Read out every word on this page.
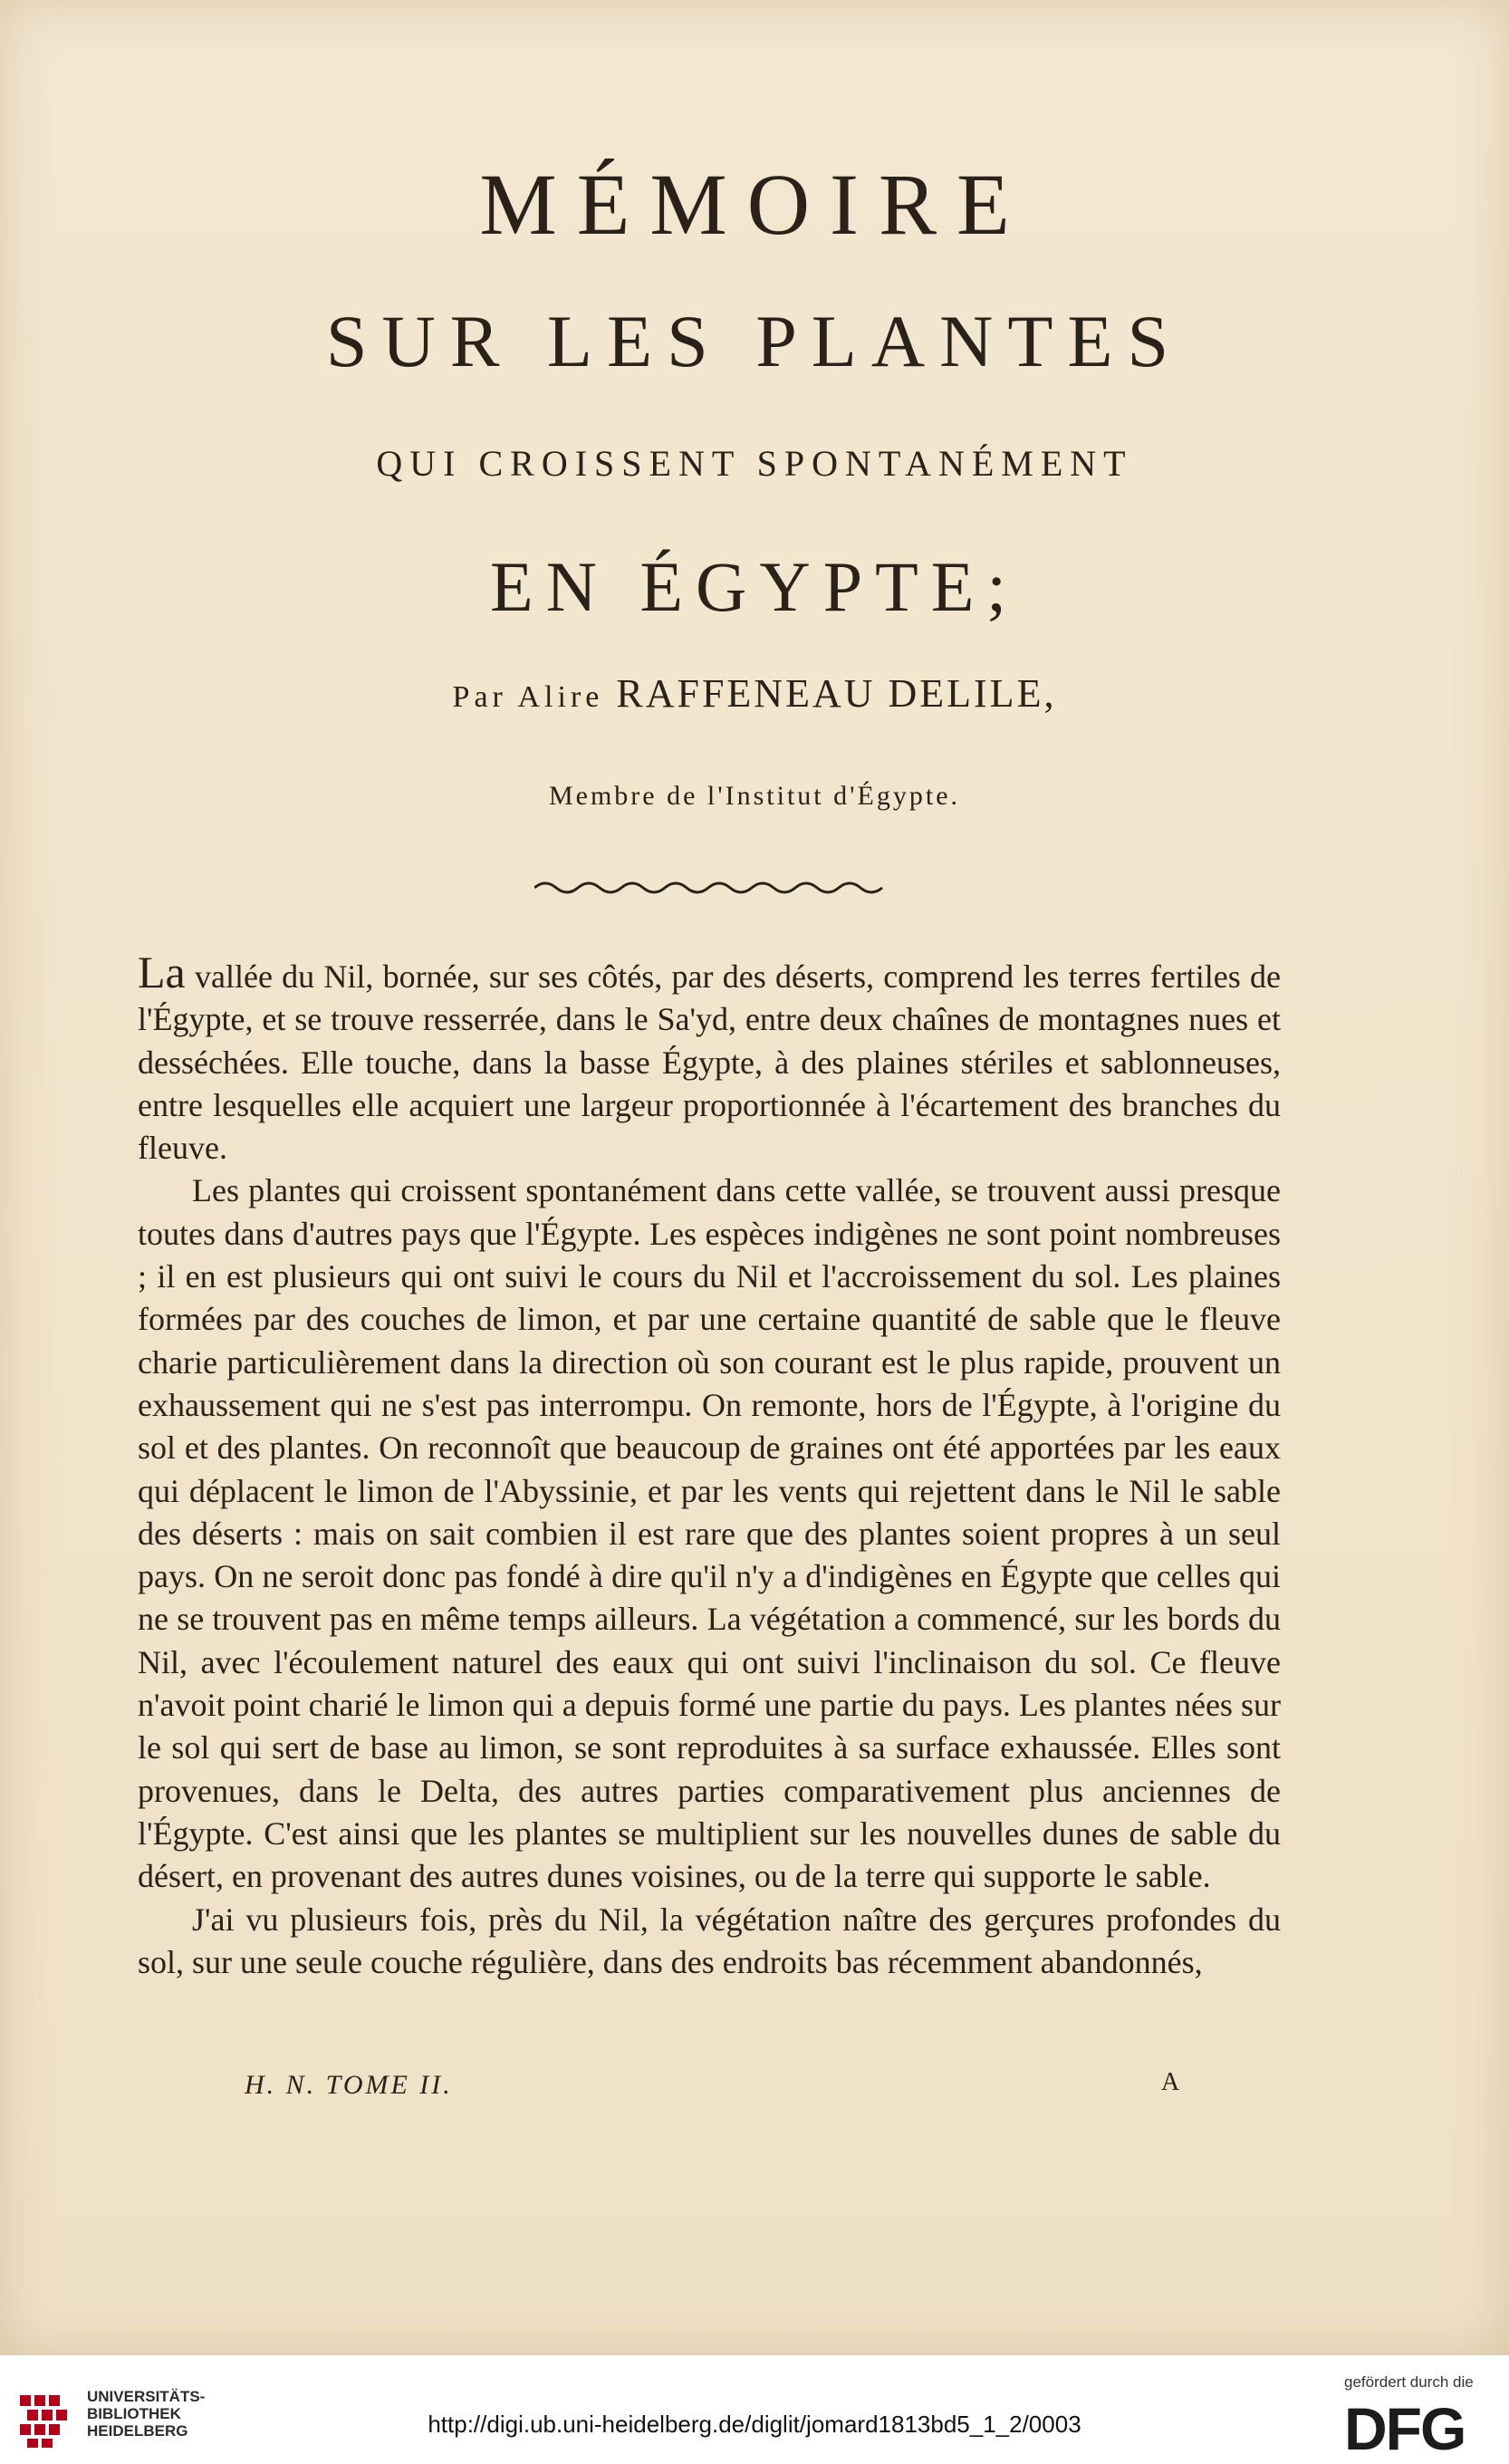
MÉMOIRE
SUR LES PLANTES
QUI CROISSENT SPONTANÉMENT
EN ÉGYPTE;
Par Alire RAFFENEAU DELILE,
Membre de l'Institut d'Égypte.

La vallée du Nil, bornée, sur ses côtés, par des déserts, comprend les terres fertiles de l'Égypte, et se trouve resserrée, dans le Sa'yd, entre deux chaînes de montagnes nues et desséchées. Elle touche, dans la basse Égypte, à des plaines stériles et sablonneuses, entre lesquelles elle acquiert une largeur proportionnée à l'écartement des branches du fleuve.

Les plantes qui croissent spontanément dans cette vallée, se trouvent aussi presque toutes dans d'autres pays que l'Égypte. Les espèces indigènes ne sont point nombreuses ; il en est plusieurs qui ont suivi le cours du Nil et l'accroissement du sol. Les plaines formées par des couches de limon, et par une certaine quantité de sable que le fleuve charie particulièrement dans la direction où son courant est le plus rapide, prouvent un exhaussement qui ne s'est pas interrompu. On remonte, hors de l'Égypte, à l'origine du sol et des plantes. On reconnoît que beaucoup de graines ont été apportées par les eaux qui déplacent le limon de l'Abyssinie, et par les vents qui rejettent dans le Nil le sable des déserts : mais on sait combien il est rare que des plantes soient propres à un seul pays. On ne seroit donc pas fondé à dire qu'il n'y a d'indigènes en Égypte que celles qui ne se trouvent pas en même temps ailleurs. La végétation a commencé, sur les bords du Nil, avec l'écoulement naturel des eaux qui ont suivi l'inclinaison du sol. Ce fleuve n'avoit point charié le limon qui a depuis formé une partie du pays. Les plantes nées sur le sol qui sert de base au limon, se sont reproduites à sa surface exhaussée. Elles sont provenues, dans le Delta, des autres parties comparativement plus anciennes de l'Égypte. C'est ainsi que les plantes se multiplient sur les nouvelles dunes de sable du désert, en provenant des autres dunes voisines, ou de la terre qui supporte le sable.

J'ai vu plusieurs fois, près du Nil, la végétation naître des gerçures profondes du sol, sur une seule couche régulière, dans des endroits bas récemment abandonnés,

H. N. TOME II.	A
UNIVERSITÄTS-
BIBLIOTHEK
HEIDELBERG	http://digi.ub.uni-heidelberg.de/diglit/jomard1813bd5_1_2/0003
gefördert durch die
DFG
